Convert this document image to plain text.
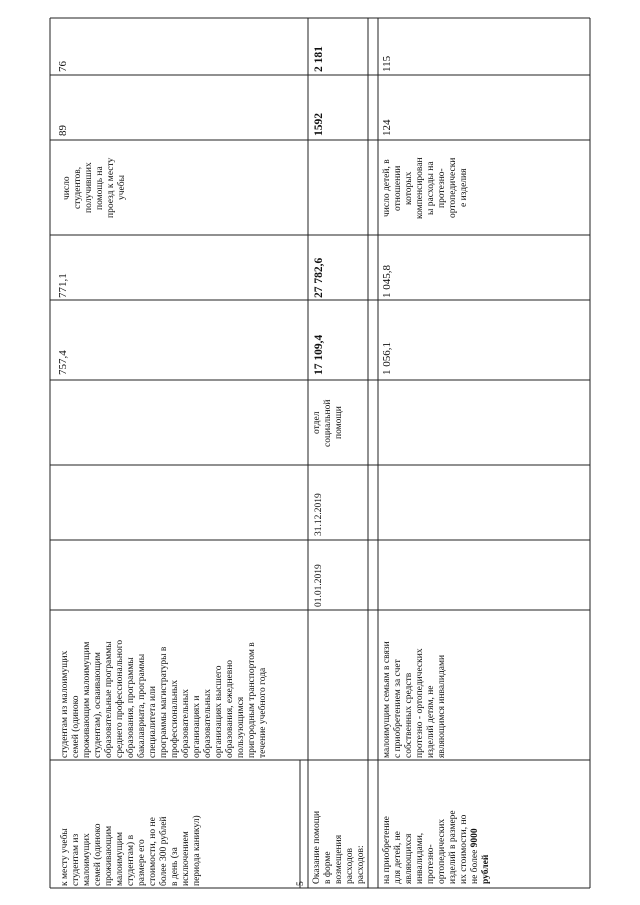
к месту учебы
студентам из
малоимущих
семей (одиноко
проживающим
малоимущим
студентам) в
размере его
стоимости, но не
более 300 рублей
в день (за
исключением
периода каникул)
студентам из малоимущих
семей (одиноко
проживающим малоимущим
студентам), осваивающим
образовательные программы
среднего профессионального
образования, программы
бакалавриата, программы
специалитета или
программы магистратуры в
профессиональных
образовательных
организациях и
образовательных
организациях высшего
образования, ежедневно
пользующимся
пригородным транспортом в
течение учебного года
757,4
771,1
число
студентов,
получивших
помощь на
проезд к месту
учебы
89
76
5 Оказание помощи
в форме
возмещения
расходов
расходов:
01.01.2019
31.12.2019
отдел
социальной
помощи
17 109,4
27 782,6
1592
2 181
на приобретение
для детей, не
являющихся
инвалидами,
протезно-
ортопедических
изделий в размере
их стоимости, но
не более 9000
рублей
малоимущим семьям в связи
с приобретением за счет
собственных средств
протезно - ортопедических
изделий детям, не
являющимся инвалидами
1 056,1
1 045,8
число детей, в
отношении
которых
компенсирован
ы расходы на
протезно-
ортопедически
е изделия
124
115
